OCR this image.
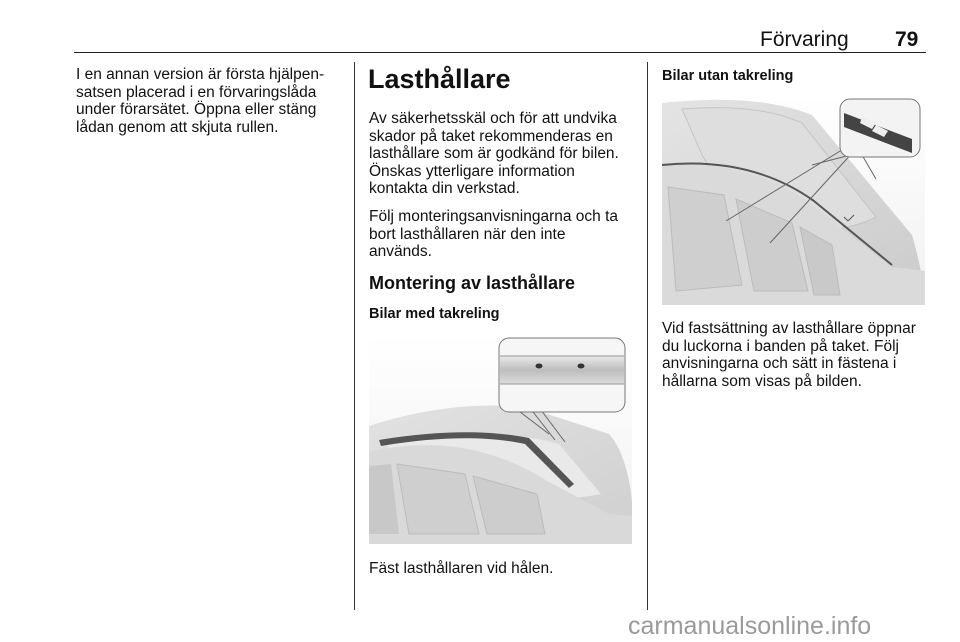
Förvaring 79

I en annan version är första hjälpen-
satsen placerad i en förvaringslåda
under förarsätet. Öppna eller stäng
lådan genom att skjuta rullen.

Lasthållare

Av säkerhetsskäl och för att undvika
skador på taket rekommenderas en
lasthållare som är godkänd för bilen.
Önskas ytterligare information
kontakta din verkstad.

Följ monteringsanvisningarna och ta
bort lasthållaren när den inte
används.

Montering av lasthållare
Bilar med takreling

Fäst lasthållaren vid hålen.

Bilar utan takreling

Vid fastsättning av lasthållare öppnar
du luckorna i banden på taket. Följ
anvisningarna och sätt in fästena i
hållarna som visas på bilden.

carmanualsonline.info
